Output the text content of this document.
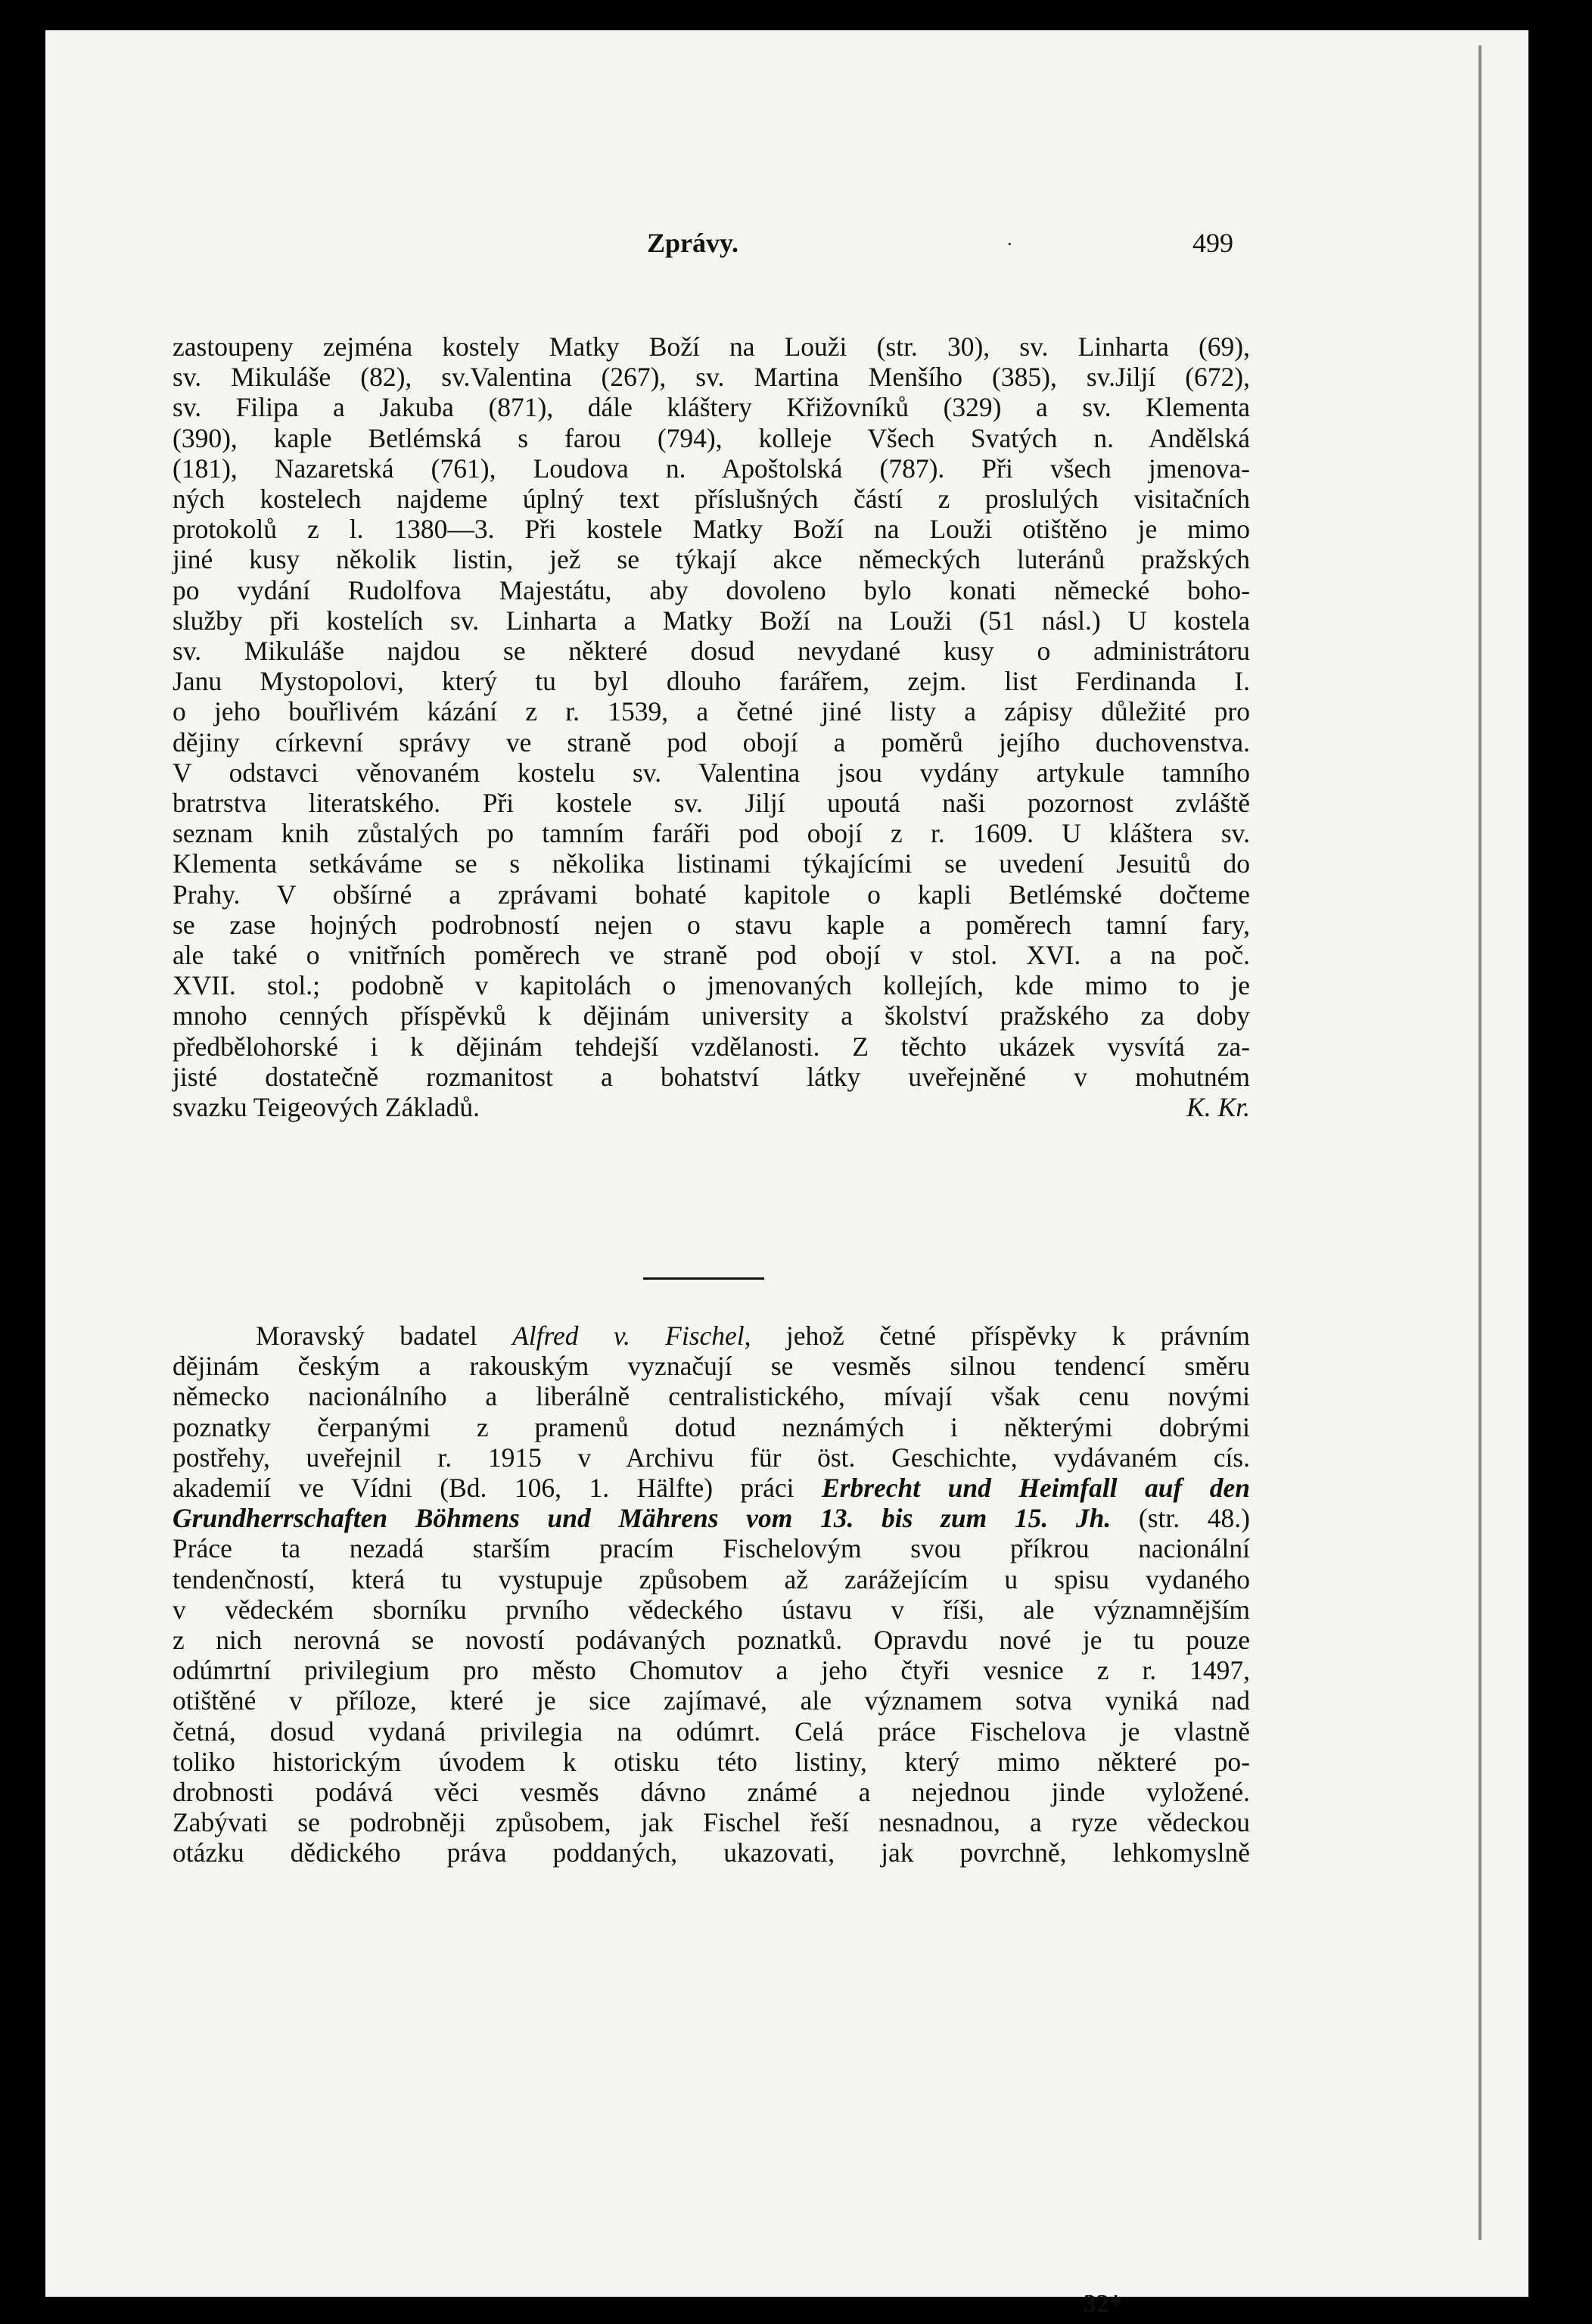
Zprávy.	·	499
zastoupeny zejména kostely Matky Boží na Louži (str. 30), sv. Linharta (69),
sv. Mikuláše (82), sv.Valentina (267), sv. Martina Menšího (385), sv.Jiljí (672),
sv. Filipa a Jakuba (871), dále kláštery Křižovníků (329) a sv. Klementa
(390), kaple Betlémská s farou (794), kolleje Všech Svatých n. Andělská
(181), Nazaretská (761), Loudova n. Apoštolská (787). Při všech jmenova-
ných kostelech najdeme úplný text příslušných částí z proslulých visitačních
protokolů z l. 1380—3. Při kostele Matky Boží na Louži otištěno je mimo
jiné kusy několik listin, jež se týkají akce německých luteránů pražských
po vydání Rudolfova Majestátu, aby dovoleno bylo konati německé boho-
služby při kostelích sv. Linharta a Matky Boží na Louži (51 násl.) U kostela
sv. Mikuláše najdou se některé dosud nevydané kusy o administrátoru
Janu Mystopolovi, který tu byl dlouho farářem, zejm. list Ferdinanda I.
o jeho bouřlivém kázání z r. 1539, a četné jiné listy a zápisy důležité pro
dějiny církevní správy ve straně pod obojí a poměrů jejího duchovenstva.
V odstavci věnovaném kostelu sv. Valentina jsou vydány artykule tamního
bratrstva literatského. Při kostele sv. Jiljí upoutá naši pozornost zvláště
seznam knih zůstalých po tamním faráři pod obojí z r. 1609. U kláštera sv.
Klementa setkáváme se s několika listinami týkajícími se uvedení Jesuitů do
Prahy. V obšírné a zprávami bohaté kapitole o kapli Betlémské dočteme
se zase hojných podrobností nejen o stavu kaple a poměrech tamní fary,
ale také o vnitřních poměrech ve straně pod obojí v stol. XVI. a na poč.
XVII. stol.; podobně v kapitolách o jmenovaných kollejích, kde mimo to je
mnoho cenných příspěvků k dějinám university a školství pražského za doby
předbělohorské i k dějinám tehdejší vzdělanosti. Z těchto ukázek vysvítá za-
jisté dostatečně rozmanitost a bohatství látky uveřejněné v mohutném
svazku Teigeových Základů.	K. Kr.
Moravský badatel Alfred v. Fischel, jehož četné příspěvky k právním
dějinám českým a rakouským vyznačují se vesměs silnou tendencí směru
německo nacionálního a liberálně centralistického, mívají však cenu novými
poznatky čerpanými z pramenů dotud neznámých i některými dobrými
postřehy, uveřejnil r. 1915 v Archivu für öst. Geschichte, vydávaném cís.
akademií ve Vídni (Bd. 106, 1. Hälfte) práci Erbrecht und Heimfall auf den
Grundherrschaften Böhmens und Mährens vom 13. bis zum 15. Jh. (str. 48.)
Práce ta nezadá starším pracím Fischelovým svou příkrou nacionální
tendenčností, která tu vystupuje způsobem až zarážejícím u spisu vydaného
v vědeckém sborníku prvního vědeckého ústavu v říši, ale významnějším
z nich nerovná se novostí podávaných poznatků. Opravdu nové je tu pouze
odúmrtní privilegium pro město Chomutov a jeho čtyři vesnice z r. 1497,
otištěné v příloze, které je sice zajímavé, ale významem sotva vyniká nad
četná, dosud vydaná privilegia na odúmrt. Celá práce Fischelova je vlastně
toliko historickým úvodem k otisku této listiny, který mimo některé po-
drobnosti podává věci vesměs dávno známé a nejednou jinde vyložené.
Zabývati se podrobněji způsobem, jak Fischel řeší nesnadnou, a ryze vědeckou
otázku dědického práva poddaných, ukazovati, jak povrchně, lehkomyslně
32*
